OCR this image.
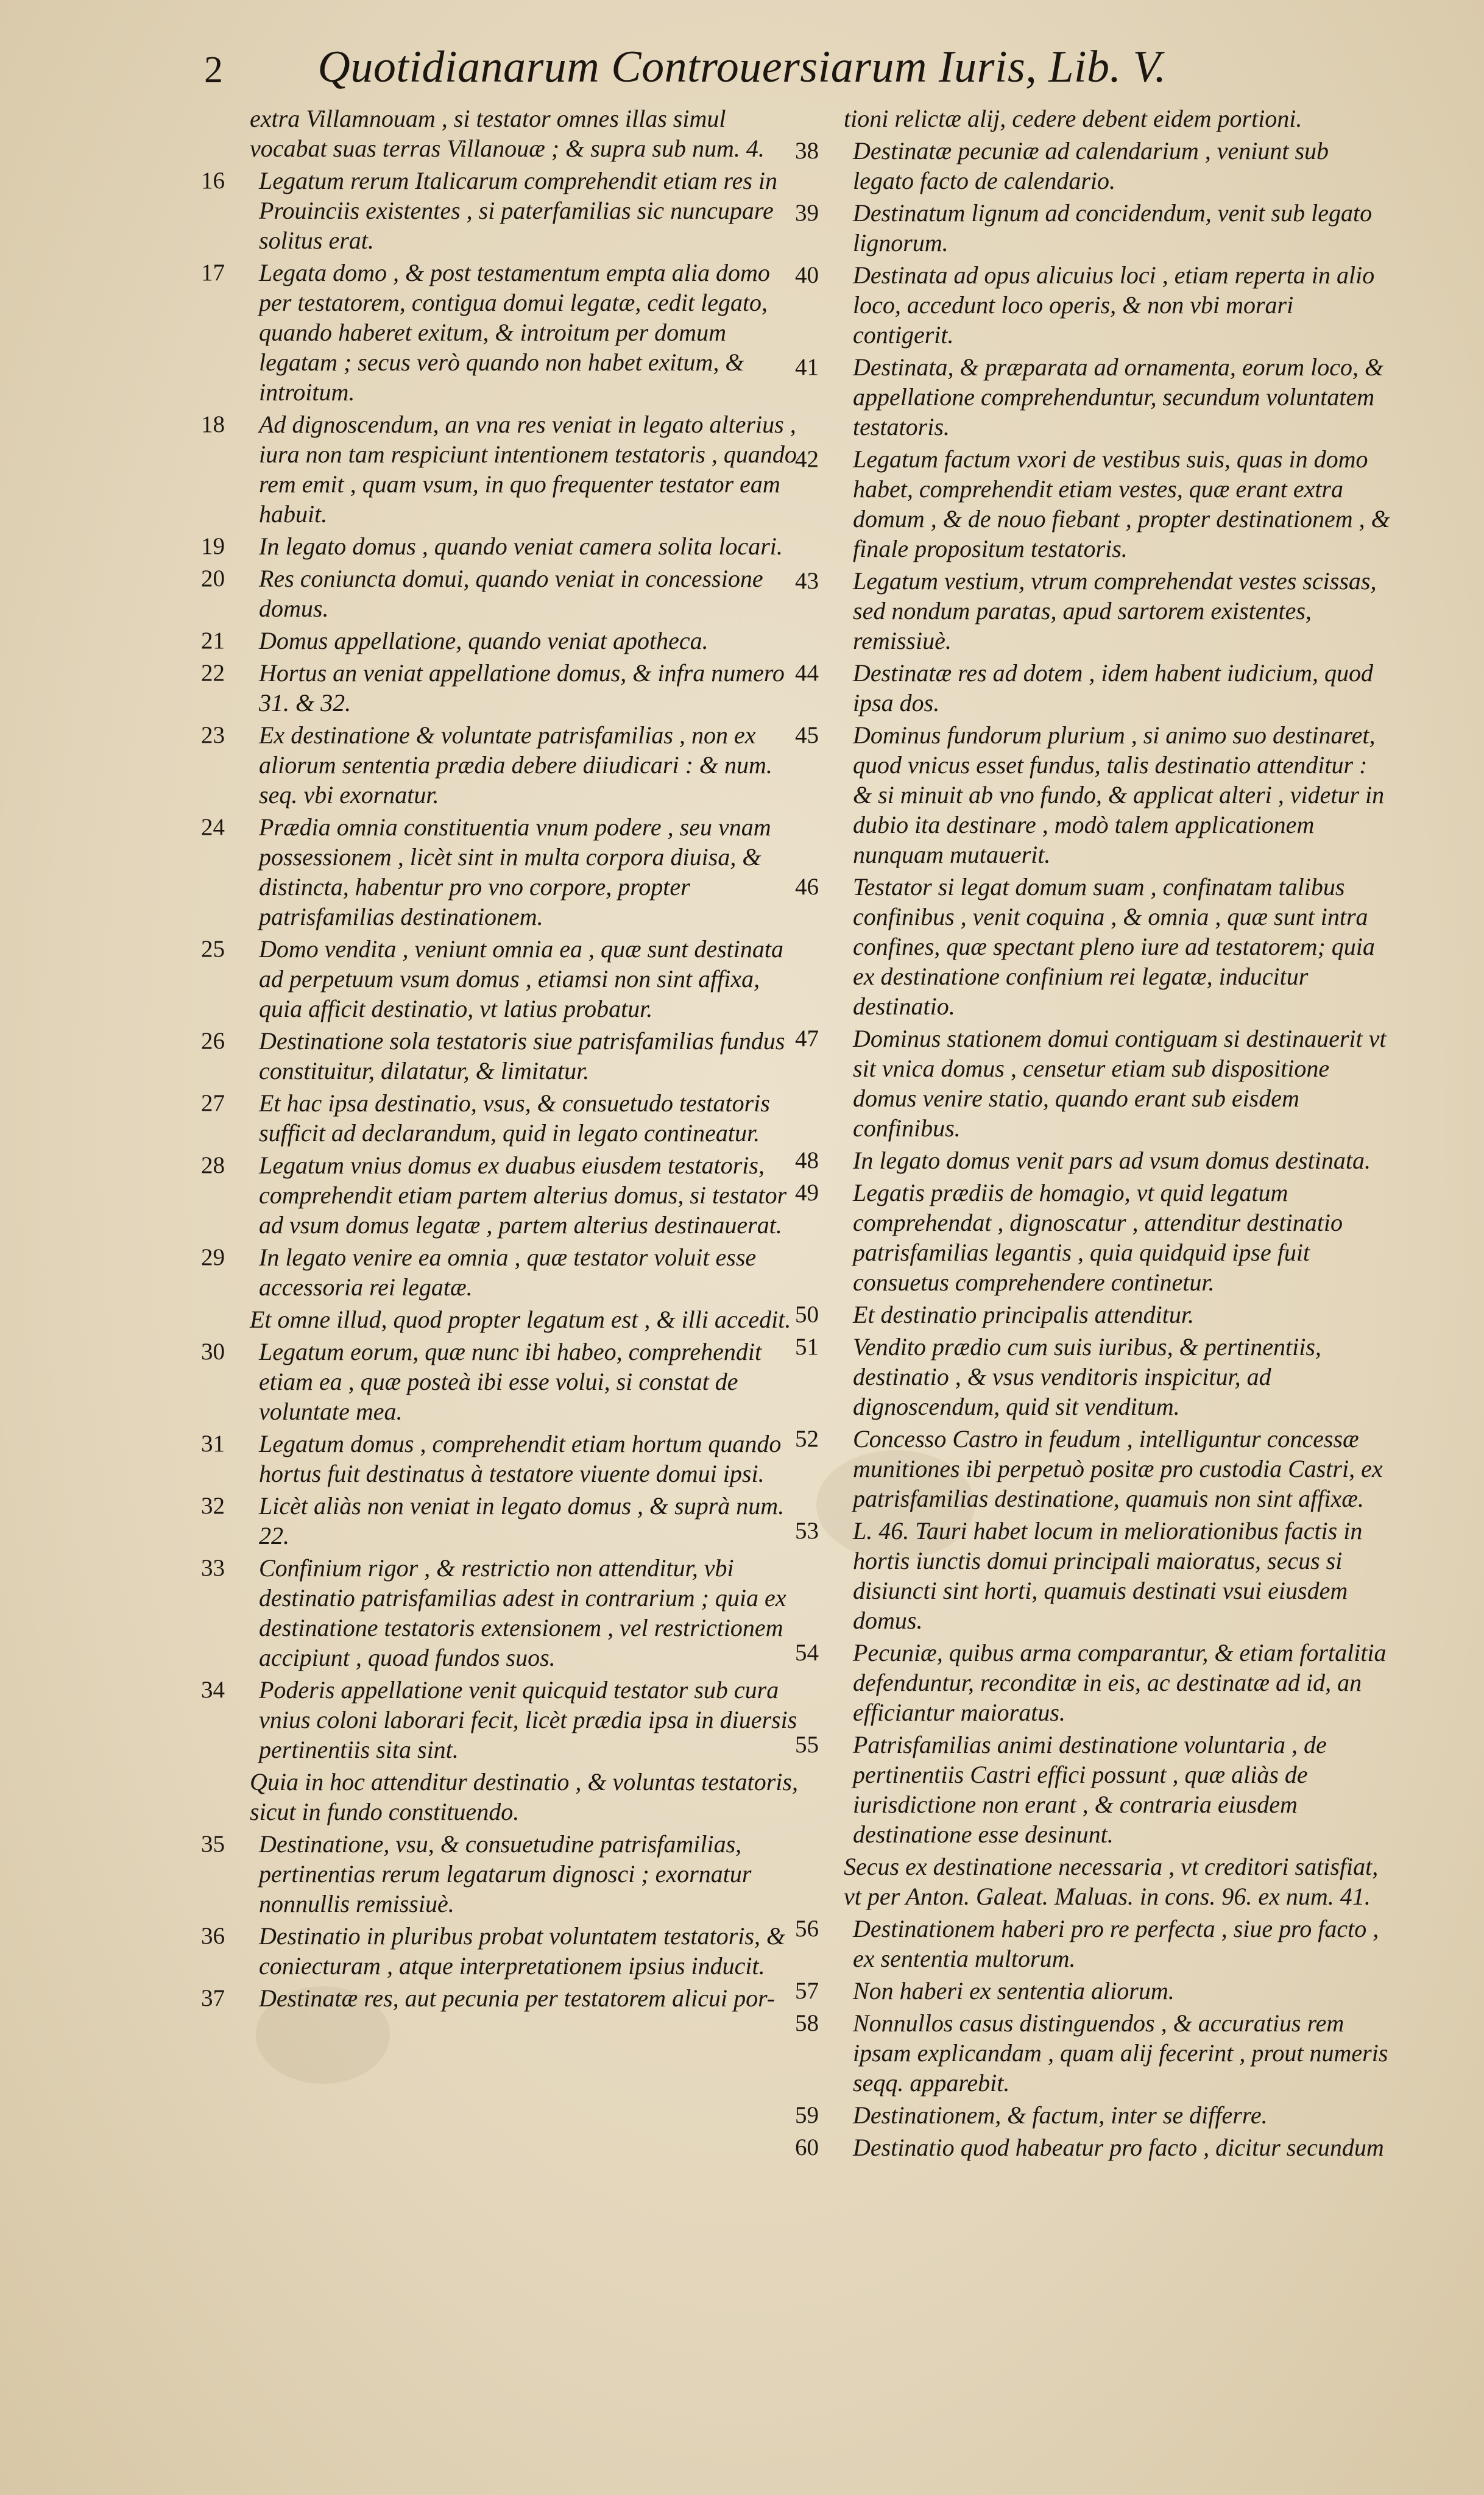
2	Quotidianarum Controuersiarum Iuris, Lib. V.
extra Villamnouam , si testator omnes illas simul vocabat suas terras Villanouæ ; & supra sub num. 4.
16	Legatum rerum Italicarum comprehendit etiam res in Prouinciis existentes , si paterfamilias sic nuncupare solitus erat.
17	Legata domo , & post testamentum empta alia domo per testatorem, contigua domui legatæ, cedit legato, quando haberet exitum, & introitum per domum legatam ; secus verò quando non habet exitum, & introitum.
18	Ad dignoscendum, an vna res veniat in legato alterius , iura non tam respiciunt intentionem testatoris , quando rem emit , quam vsum, in quo frequenter testator eam habuit.
19	In legato domus , quando veniat camera solita locari.
20	Res coniuncta domui, quando veniat in concessione domus.
21	Domus appellatione, quando veniat apotheca.
22	Hortus an veniat appellatione domus, & infra numero 31. & 32.
23	Ex destinatione & voluntate patrisfamilias , non ex aliorum sententia prædia debere diiudicari : & num. seq. vbi exornatur.
24	Prædia omnia constituentia vnum podere , seu vnam possessionem , licèt sint in multa corpora diuisa, & distincta, habentur pro vno corpore, propter patrisfamilias destinationem.
25	Domo vendita , veniunt omnia ea , quæ sunt destinata ad perpetuum vsum domus , etiamsi non sint affixa, quia afficit destinatio, vt latius probatur.
26	Destinatione sola testatoris siue patrisfamilias fundus constituitur, dilatatur, & limitatur.
27	Et hac ipsa destinatio, vsus, & consuetudo testatoris sufficit ad declarandum, quid in legato contineatur.
28	Legatum vnius domus ex duabus eiusdem testatoris, comprehendit etiam partem alterius domus, si testator ad vsum domus legatæ , partem alterius destinauerat.
29	In legato venire ea omnia , quæ testator voluit esse accessoria rei legatæ.
Et omne illud, quod propter legatum est , & illi accedit.
30	Legatum eorum, quæ nunc ibi habeo, comprehendit etiam ea , quæ posteà ibi esse volui, si constat de voluntate mea.
31	Legatum domus , comprehendit etiam hortum quando hortus fuit destinatus à testatore viuente domui ipsi.
32	Licèt aliàs non veniat in legato domus , & suprà num. 22.
33	Confinium rigor , & restrictio non attenditur, vbi destinatio patrisfamilias adest in contrarium ; quia ex destinatione testatoris extensionem , vel restrictionem accipiunt , quoad fundos suos.
34	Poderis appellatione venit quicquid testator sub cura vnius coloni laborari fecit, licèt prædia ipsa in diuersis pertinentiis sita sint.
Quia in hoc attenditur destinatio , & voluntas testatoris, sicut in fundo constituendo.
35	Destinatione, vsu, & consuetudine patrisfamilias, pertinentias rerum legatarum dignosci ; exornatur nonnullis remissiuè.
36	Destinatio in pluribus probat voluntatem testatoris, & coniecturam , atque interpretationem ipsius inducit.
37	Destinatæ res, aut pecunia per testatorem alicui por-
tioni relictæ alij, cedere debent eidem portioni.
38	Destinatæ pecuniæ ad calendarium , veniunt sub legato facto de calendario.
39	Destinatum lignum ad concidendum, venit sub legato lignorum.
40	Destinata ad opus alicuius loci , etiam reperta in alio loco, accedunt loco operis, & non vbi morari contigerit.
41	Destinata, & præparata ad ornamenta, eorum loco, & appellatione comprehenduntur, secundum voluntatem testatoris.
42	Legatum factum vxori de vestibus suis, quas in domo habet, comprehendit etiam vestes, quæ erant extra domum , & de nouo fiebant , propter destinationem , & finale propositum testatoris.
43	Legatum vestium, vtrum comprehendat vestes scissas, sed nondum paratas, apud sartorem existentes, remissiuè.
44	Destinatæ res ad dotem , idem habent iudicium, quod ipsa dos.
45	Dominus fundorum plurium , si animo suo destinaret, quod vnicus esset fundus, talis destinatio attenditur : & si minuit ab vno fundo, & applicat alteri , videtur in dubio ita destinare , modò talem applicationem nunquam mutauerit.
46	Testator si legat domum suam , confinatam talibus confinibus , venit coquina , & omnia , quæ sunt intra confines, quæ spectant pleno iure ad testatorem; quia ex destinatione confinium rei legatæ, inducitur destinatio.
47	Dominus stationem domui contiguam si destinauerit vt sit vnica domus , censetur etiam sub dispositione domus venire statio, quando erant sub eisdem confinibus.
48	In legato domus venit pars ad vsum domus destinata.
49	Legatis prædiis de homagio, vt quid legatum comprehendat , dignoscatur , attenditur destinatio patrisfamilias legantis , quia quidquid ipse fuit consuetus comprehendere continetur.
50	Et destinatio principalis attenditur.
51	Vendito prædio cum suis iuribus, & pertinentiis, destinatio , & vsus venditoris inspicitur, ad dignoscendum, quid sit venditum.
52	Concesso Castro in feudum , intelliguntur concessæ munitiones ibi perpetuò positæ pro custodia Castri, ex patrisfamilias destinatione, quamuis non sint affixæ.
53	L. 46. Tauri habet locum in meliorationibus factis in hortis iunctis domui principali maioratus, secus si disiuncti sint horti, quamuis destinati vsui eiusdem domus.
54	Pecuniæ, quibus arma comparantur, & etiam fortalitia defenduntur, reconditæ in eis, ac destinatæ ad id, an efficiantur maioratus.
55	Patrisfamilias animi destinatione voluntaria , de pertinentiis Castri effici possunt , quæ aliàs de iurisdictione non erant , & contraria eiusdem destinatione esse desinunt.
Secus ex destinatione necessaria , vt creditori satisfiat, vt per Anton. Galeat. Maluas. in cons. 96. ex num. 41.
56	Destinationem haberi pro re perfecta , siue pro facto , ex sententia multorum.
57	Non haberi ex sententia aliorum.
58	Nonnullos casus distinguendos , & accuratius rem ipsam explicandam , quam alij fecerint , prout numeris seqq. apparebit.
59	Destinationem, & factum, inter se differre.
60	Destinatio quod habeatur pro facto , dicitur secundum
